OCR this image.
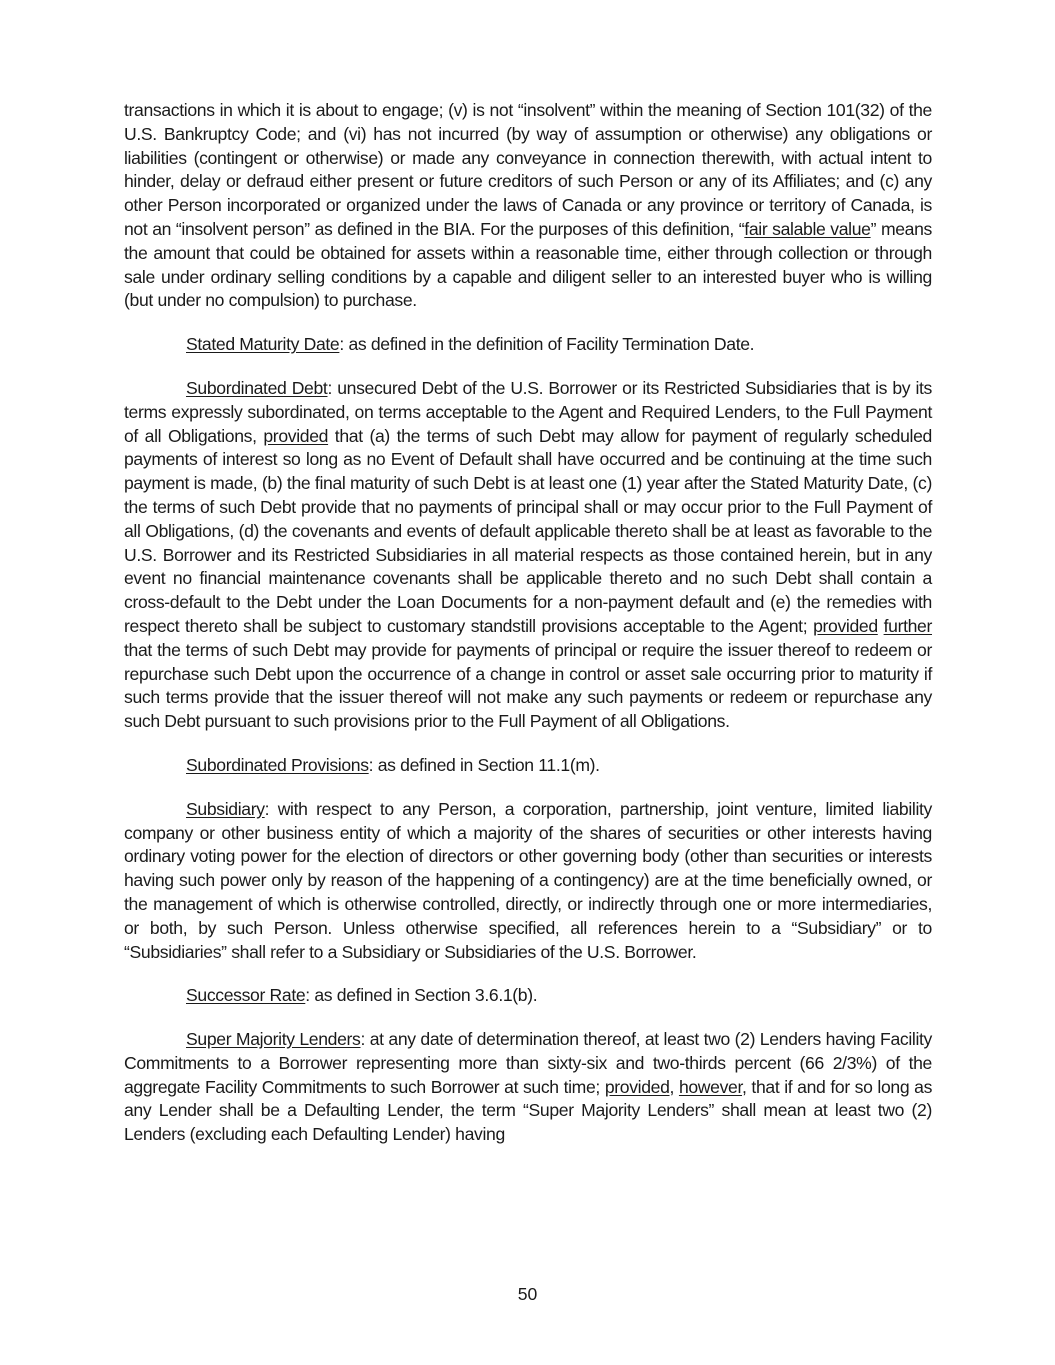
transactions in which it is about to engage; (v) is not “insolvent” within the meaning of Section 101(32) of the U.S. Bankruptcy Code; and (vi) has not incurred (by way of assumption or otherwise) any obligations or liabilities (contingent or otherwise) or made any conveyance in connection therewith, with actual intent to hinder, delay or defraud either present or future creditors of such Person or any of its Affiliates; and (c) any other Person incorporated or organized under the laws of Canada or any province or territory of Canada, is not an “insolvent person” as defined in the BIA. For the purposes of this definition, “fair salable value” means the amount that could be obtained for assets within a reasonable time, either through collection or through sale under ordinary selling conditions by a capable and diligent seller to an interested buyer who is willing (but under no compulsion) to purchase.

Stated Maturity Date: as defined in the definition of Facility Termination Date.

Subordinated Debt: unsecured Debt of the U.S. Borrower or its Restricted Subsidiaries that is by its terms expressly subordinated, on terms acceptable to the Agent and Required Lenders, to the Full Payment of all Obligations, provided that (a) the terms of such Debt may allow for payment of regularly scheduled payments of interest so long as no Event of Default shall have occurred and be continuing at the time such payment is made, (b) the final maturity of such Debt is at least one (1) year after the Stated Maturity Date, (c) the terms of such Debt provide that no payments of principal shall or may occur prior to the Full Payment of all Obligations, (d) the covenants and events of default applicable thereto shall be at least as favorable to the U.S. Borrower and its Restricted Subsidiaries in all material respects as those contained herein, but in any event no financial maintenance covenants shall be applicable thereto and no such Debt shall contain a cross-default to the Debt under the Loan Documents for a non-payment default and (e) the remedies with respect thereto shall be subject to customary standstill provisions acceptable to the Agent; provided further that the terms of such Debt may provide for payments of principal or require the issuer thereof to redeem or repurchase such Debt upon the occurrence of a change in control or asset sale occurring prior to maturity if such terms provide that the issuer thereof will not make any such payments or redeem or repurchase any such Debt pursuant to such provisions prior to the Full Payment of all Obligations.

Subordinated Provisions: as defined in Section 11.1(m).

Subsidiary: with respect to any Person, a corporation, partnership, joint venture, limited liability company or other business entity of which a majority of the shares of securities or other interests having ordinary voting power for the election of directors or other governing body (other than securities or interests having such power only by reason of the happening of a contingency) are at the time beneficially owned, or the management of which is otherwise controlled, directly, or indirectly through one or more intermediaries, or both, by such Person. Unless otherwise specified, all references herein to a “Subsidiary” or to “Subsidiaries” shall refer to a Subsidiary or Subsidiaries of the U.S. Borrower.

Successor Rate: as defined in Section 3.6.1(b).

Super Majority Lenders: at any date of determination thereof, at least two (2) Lenders having Facility Commitments to a Borrower representing more than sixty-six and two-thirds percent (66 2/3%) of the aggregate Facility Commitments to such Borrower at such time; provided, however, that if and for so long as any Lender shall be a Defaulting Lender, the term “Super Majority Lenders” shall mean at least two (2) Lenders (excluding each Defaulting Lender) having

50
